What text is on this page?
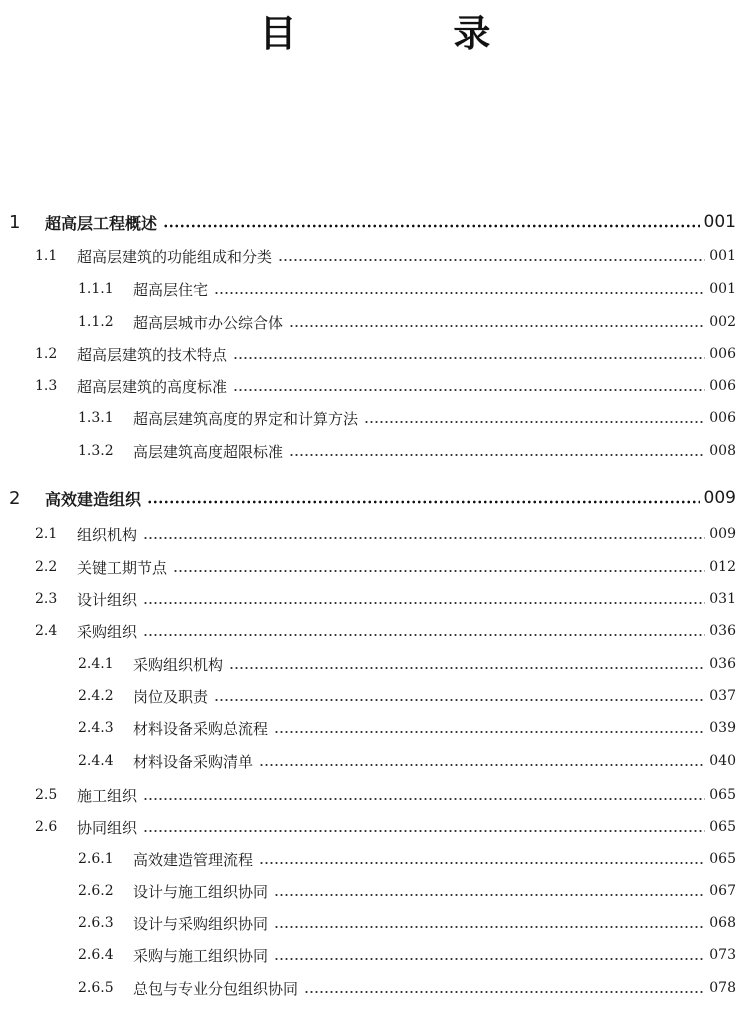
目 录
1	超高层工程概述	001
1.1	超高层建筑的功能组成和分类	001
1.1.1	超高层住宅	001
1.1.2	超高层城市办公综合体	002
1.2	超高层建筑的技术特点	006
1.3	超高层建筑的高度标准	006
1.3.1	超高层建筑高度的界定和计算方法	006
1.3.2	高层建筑高度超限标准	008
2	高效建造组织	009
2.1	组织机构	009
2.2	关键工期节点	012
2.3	设计组织	031
2.4	采购组织	036
2.4.1	采购组织机构	036
2.4.2	岗位及职责	037
2.4.3	材料设备采购总流程	039
2.4.4	材料设备采购清单	040
2.5	施工组织	065
2.6	协同组织	065
2.6.1	高效建造管理流程	065
2.6.2	设计与施工组织协同	067
2.6.3	设计与采购组织协同	068
2.6.4	采购与施工组织协同	073
2.6.5	总包与专业分包组织协同	078
